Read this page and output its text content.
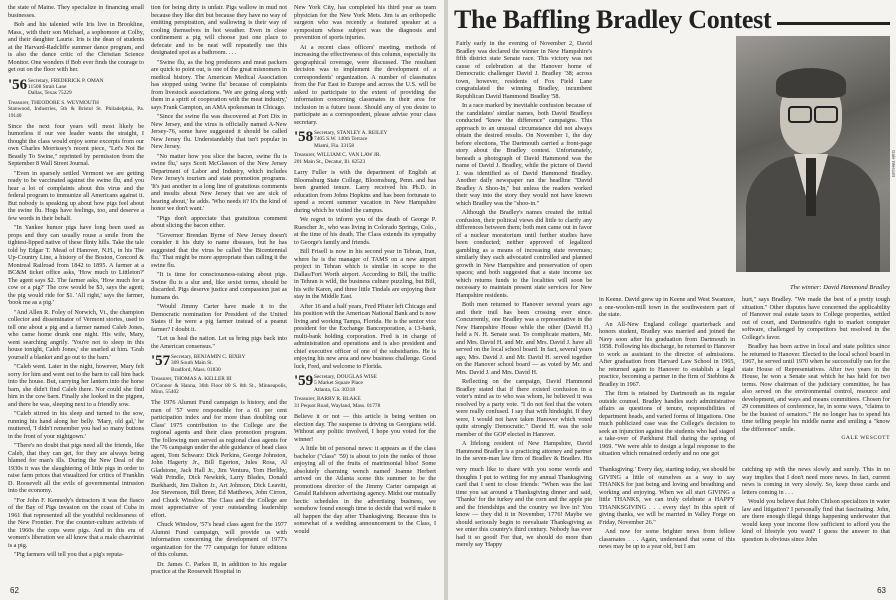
the state of Maine. They specialize in financing small businesses.

Bob and his talented wife Iris live in Brookline, Mass., with their son Michael, a sophomore at Colby, and their daughter Laurie. Iris is the dean of students at the Harvard-Radcliffe summer dance program, and is also the dance critic of the Christian Science Monitor. One wonders if Bob ever finds the courage to get out on the floor with her.

'56 Secretary, FREDERICK P. OMAN
11508 Strait Lane
Dallas, Texas 75229
Treasurer, THEODORE S. WEYMOUTH
Stanwood, Industries, 5th & Bristol St. Philadelphia, Pa. 19140

Since the next four years will most likely be humorless if our vee leader wants the straight, I thought the class would enjoy some excerpts from our own Charles Morrissey's recent piece, "Let's Not Be Beastly To Swine," reprinted by permission from the September 8 Wall Street Journal.

"Even in sparsely settled Vermont we are getting ready to be vaccinated against the swine flu, and you hear a lot of complaints about this virus and the federal program to immunize all Americans against it. But nobody is speaking up about how pigs feel about the swine flu. Hogs have feelings, too, and deserve a few words in their behalf.

"In Yankee humor pigs have long been used as props and they can usually rouse a smile from the tightest-lipped native of these flinty hills. Take the tale told by Edgar T. Mead of Hanover, N.H., in his The Up-Country Line, a history of the Boston, Concord & Montreal Railroad from 1842 to 1895. A farmer at a BC&M ticket office asks, 'How much to Littleton?' The agent says $2. The farmer asks, 'How much for a cow or a pig?' The cow would be $3, says the agent; the pig would ride for $1. 'All right,' says the farmer, 'book me as a pig.'

"And Allen R. Foley of Norwich, Vt., the champion collector and disseminator of Vermont stories, used to tell one about a pig and a farmer named Caleb Jones, who came home drunk one night. His wife, Mary, went searching angrily. 'You're not to sleep in this house tonight, Caleb Jones,' she snarled at him. 'Grab yourself a blanket and go out to the barn.'

"Caleb went. Later in the night, however, Mary felt sorry for him and went out to the barn to call him back into the house. But, carrying her lantern into the horse barn, she didn't find Caleb there. Nor could she find him in the cow barn. Finally she looked in the pigpen, and there he was, sleeping next to a friendly sow.

"Caleb stirred in his sleep and turned to the sow, running his hand along her belly. 'Mary, old gal,' he muttered, 'I didn't remember you had so many buttons in the front of your nightgown.'

"There's no doubt that pigs need all the friends, like Caleb, that they can get, for they are always being blamed for man's ills. During the New Deal of the 1930s it was the slaughtering of little pigs in order to raise farm prices that visualized for critics of Franklin D. Roosevelt all the evils of governmental intrusion into the economy.

"For John F. Kennedy's detractors it was the fiasco of the Bay of Pigs invasion on the coast of Cuba in 1961 that represented all the youthful recklessness of the New Frontier. For the counter-culture activists of the 1960s the cops were pigs. And in this era of women's liberation we all know that a male chauvinist is a pig.

"Pig farmers will tell you that a pig's reputa-

tion for being dirty is unfair. Pigs wallow in mud not because they like dirt but because they have no way of emitting perspiration, and wallowing is their way of cooling themselves in hot weather. Even in close confinement a pig will choose just one place to defecate and to be neat will repeatedly use this designated spot as a bathroom. . . .

"Swine flu, as the hog producers and meat packers are quick to point out, is one of the great misnomers in medical history. The American Medical Association has stopped using 'swine flu' because of complaints from livestock associations. 'We are going along with them in a spirit of cooperation with the meat industry,' says Frank Campion, an AMA spokesman in Chicago.

"Since the swine flu was discovered at Fort Dix in New Jersey, and the virus is officially named A-New Jersey-76, some have suggested it should be called New Jersey flu. Understandably that isn't popular in New Jersey.

"No matter how you slice the bacon, swine flu is swine flu,' says Scott McGlasson of the New Jersey Department of Labor and Industry, which includes New Jersey's tourism and state promotion programs. 'It's just another in a long line of gratuitous comments and insults about New Jersey that we are sick of hearing about,' he adds. 'Who needs it? It's the kind of honor we don't want.'

"Pigs don't appreciate that gratuitous comment about slicing the bacon either.

"Governor Brendan Byrne of New Jersey doesn't consider it his duty to name diseases, but he has suggested that the virus be called 'the Bicentennial flu.' That might be more appropriate than calling it the swine flu.

"It is time for consciousness-raising about pigs. Swine flu is a slur and, like sexist terms, should be discarded. Pigs deserve justice and compassion just as humans do.

"Would Jimmy Carter have made it to the Democratic nomination for President of the United States if he were a pig farmer instead of a peanut farmer? I doubt it.

"Let us heal the nation. Let us bring pigs back into the American consensus."

'57 Secretary, BENJAMIN C. BIXBY
309 South Main St.
Bradford, Mass. 01830
Treasurer, THOMAS A. KELLER III
O'Connor & Hanna, 36th Floor 80 S. 8th St., Minneapolis, Minn. 55402

The 1976 Alumni Fund campaign is history, and the men of '57 were responsible for a 61 per cent participation index and for more than doubling our Class' 1975 contribution to the College are the regional agents and their class promotion program. The following men served as regional class agents for the '76 campaign under the able guidance of head class agent, Tom Schwarz: Dick Perkins, George Johnston, John Hagerty Jr., Bill Egerton, Jules Rosa, Al Gladstone, Jack Hall Jr., Jim Ventura, Tom Herlihy, Walt Prindle, Dick Newkirk, Larry Blades, Donald Burkhardt, Jim Dalton Jr., Art Johnson, Dick Leavitt, Joe Stevenson, Bill Breer, Ed Matthews, John Cirron, and Chuck Winslow. The Class and the College are most appreciative of your outstanding leadership effort.

Chuck Winslow, '57's head class agent for the 1977 Alumni Fund campaign, will provide us with information concerning the development of 1977's organization for the '77 campaign for future editions of this column.

Dr. James C. Parkes II, in addition to his regular practice at the Roosevelt Hospital in

New York City, has completed his third year as team physician for the New York Mets. Jim is an orthopedic surgeon who was recently a featured speaker at a symposium whose subject was the diagnosis and prevention of sports injuries.

At a recent class officers' meeting, methods of increasing the effectiveness of this column, especially its geographical coverage, were discussed. The resultant decision was to implement the development of a correspondents' organization. A number of classmates from the Far East to Europe and across the U.S. will be asked to participate to the extent of providing the information concerning classmates in their area for inclusion in a future issue. Should any of you desire to participate as a correspondent, please advise your class secretary.

'58 Secretary, STANLEY A. REILEY
7405 S.W. 140th Terrace
Miami, Fla. 33158
Treasurer, WILLIAM C. VAN LAW JR.
201 Main St., Decatur, Ill. 62523

Larry Fuller is with the department of English at Bloomsburg State College, Bloomsburg, Penn. and has been granted tenure. Larry received his Ph.D. in education from Johns Hopkins and has been fortunate to spend a recent summer vacation in New Hampshire during which he visited the campus.

We regret to inform you of the death of George P. Ruescher Jr., who was living in Colorado Springs, Colo., at the time of his death. The Class extends its sympathy to George's family and friends.

Bill Frisell is now in his second year in Tehran, Iran, where he is the manager of TAMS on a new airport project in Tehran which is similar in scope to the Dallas/Fort Worth airport. According to Bill, the traffic in Tehran is wild, the business culture puzzling, but Bill, his wife Karen, and three little Tindals are enjoying their stay in the Middle East.

After 16 and a half years, Fred Pfister left Chicago and his position with the American National Bank and is now living and working Tampa, Florida. He is the senior vice president for the Exchange Bancorporation, a 13-bank, multi-bank holding corporation. Fred is in charge of administration and operations and is also president and chief executive officer of one of the subsidiaries. He is enjoying his new area and new business challenge. Good luck, Fred, and welcome to Florida.

'59 Secretary, DOUGLAS WISE
5 Market Square Place
Atlanta, Ga. 30318
Treasurer, BARRY R. BLAKE
31 Pequot Road, Wayland, Mass. 01778

Believe it or not — this article is being written on election day. The suspense is driving us Georgians wild. Without any politic involved, I hope you voted for the winner!

A little bit of personal news: it appears as if the class bachelor ("class" '59) is about to join the ranks of those enjoying all of the fruits of matrimonial bliss! Some absolutely charming wench named Joanne Herbert arrived on the Atlanta scene this summer to be the promotions director of the Jimmy Carter campaign at Gerald Rafshoon advertising agency. Midst our mutually hectic schedules in the advertising business, we somehow found enough time to decide that we'd make it all happen the day after Thanksgiving. Because this is somewhat of a wedding announcement to the Class, I would

62
The Baffling Bradley Contest

Fairly early in the evening of November 2, David Bradley was declared the winner in New Hampshire's fifth district state Senate race. This victory was not cause of celebration at the Hanover home of Democratic challenger David J. Bradley '38; across town, however, residents of Fox Field Lane congratulated the winning Bradley, incumbent Republican David Hammond Bradley '58.

In a race marked by inevitable confusion because of the candidates' similar names, both David Bradleys conducted "know the difference" campaigns. This approach to an unusual circumstance did not always obtain the desired results. On November 1, the day before elections, The Dartmouth carried a front-page story about the Bradley contest. Unfortunately, beneath a photograph of David Hammond was the name of David J. Bradley, while the picture of David J. was identified as of David Hammond Bradley. Another daily newspaper ran the headline "David Bradley A Shoo-In," but unless the readers worked their way into the story they would not have known which Bradley was the "shoo-in."

Although the Bradley's names created the initial confusion, their political views did little to clarify any differences between them; both men came out in favor of a nuclear moratorium until further studies have been conducted; neither approved of legalized gambling as a means of increasing state revenues; similarly they each advocated controlled and planned growth in New Hampshire and preservation of open spaces; and both suggested that a state income tax which returns funds to the localities will soon be necessary to maintain present state services for New Hampshire residents.

Both men returned to Hanover several years ago and their trail has been crossing ever since. Concurrently, one Bradley was a representative in the New Hampshire House while the other (David H.) held a N. H. Senate seat. To complicate matters, Mr. and Mrs. David H. and Mr. and Mrs. David J. have all served on the local school board. In fact, several years ago, Mrs. David J. and Mr. David H. served together on the Hanover school board — as voted by Mr. and Mrs. David J. and Mrs. David H.

Reflecting on the campaign, David Hammond Bradley stated that if there existed confusion in a voter's mind as to who was whom, he believed it was resolved by a party vote. "I do not feel that the voters were really confused. I say that with hindsight. If they were, I would not have taken Hanover which voted quite strongly Democratic." David H. was the sole member of the GOP elected in Hanover.

A lifelong resident of New Hampshire, David Hammond Bradley is a practicing attorney and partner in the seven-man law firm of Bradley & Bradley. His

Gale Wescott
The winner: David Hammond Bradley

in Keene. David grew up in Keene and West Swanzee, a one-woolen-mill town in the southwestern part of the state.

An All-New England college quarterback and honors student, Bradley was married and joined the Navy soon after his graduation from Dartmouth in 1958. Following his discharge, he returned to Hanover to work as assistant to the director of admissions. After graduation from Harvard Law School in 1965, he returned again to Hanover to establish a legal practice, becoming a partner in the firm of Stebbins & Bradley in 1967.

The firm is retained by Dartmouth as its regular outside counsel. Bradley handles such administrative affairs as questions of tenure, responsibilities of department heads, and varied forms of litigations. One much publicized case was the College's decision to seek an injunction against the students who had staged a take-over of Parkhurst Hall during the spring of 1969. "We were able to design a legal response to the situation which remained orderly and no one got

hurt," says Bradley. "We made the best of a pretty tough situation." Other disputes have concerned the applicability of Hanover real estate taxes to College properties, settled out of court, and Dartmouth's right to market computer software, challenged by competitors but resolved in the College's favor.

Bradley has been active in local and state politics since he returned to Hanover. Elected to the local school board in 1967, he served until 1970 when he successfully ran for the state House of Representatives. After two years in the House, he won a Senate seat which he has held for two terms. Now chairman of the judiciary committee, he has also served on the environmental control, resource and development, and ways and means committees. Chosen for 29 committees of conference, he, in some ways, "claims to be the busiest of senators." He no longer has to spend his time telling people his middle name and smiling a "know the difference" smile.

GALE WESCOTT

very much like to share with you some words and thoughts I put to writing for my annual Thanksgiving card that I sent to close friends: "When was the last time you sat around a Thanksgiving dinner and said, 'Thanks' for the turkey and the corn and the apple pie and the friendships and the country we live in? You know — they did it in November, 1776! Maybe we should seriously begin to reevaluate Thanksgiving as we enter this country's third century. Nobody has ever had it so good! For that, we should do more than merely say 'Happy

Thanksgiving.' Every day, starting today, we should be GIVING a little of ourselves as a way to say THANKS for just being and loving and breathing and working and enjoying. When we all start GIVING a little THANKS, we can truly celebrate a HAPPY THANKSGIVING . . . every day! In this spirit of giving thanks, we will be married in Valley Forge on Friday, November 26."

And now for some brighter news from fellow classmates . . . Again, understand that some of this news may be up to a year old, but I am

catching up with the news slowly and surely. This in no way implies that I don't need more news. In fact, current news is coming in very slowly. So, keep those cards and letters coming in . . .

Would you believe that John Chilson specializes in water law and litigation? I personally find that fascinating. John, are there enough illegal things happening underwater that would keep your income flow sufficient to afford you the kind of lifestyle you want? I guess the answer to that question is obvious since John

63
